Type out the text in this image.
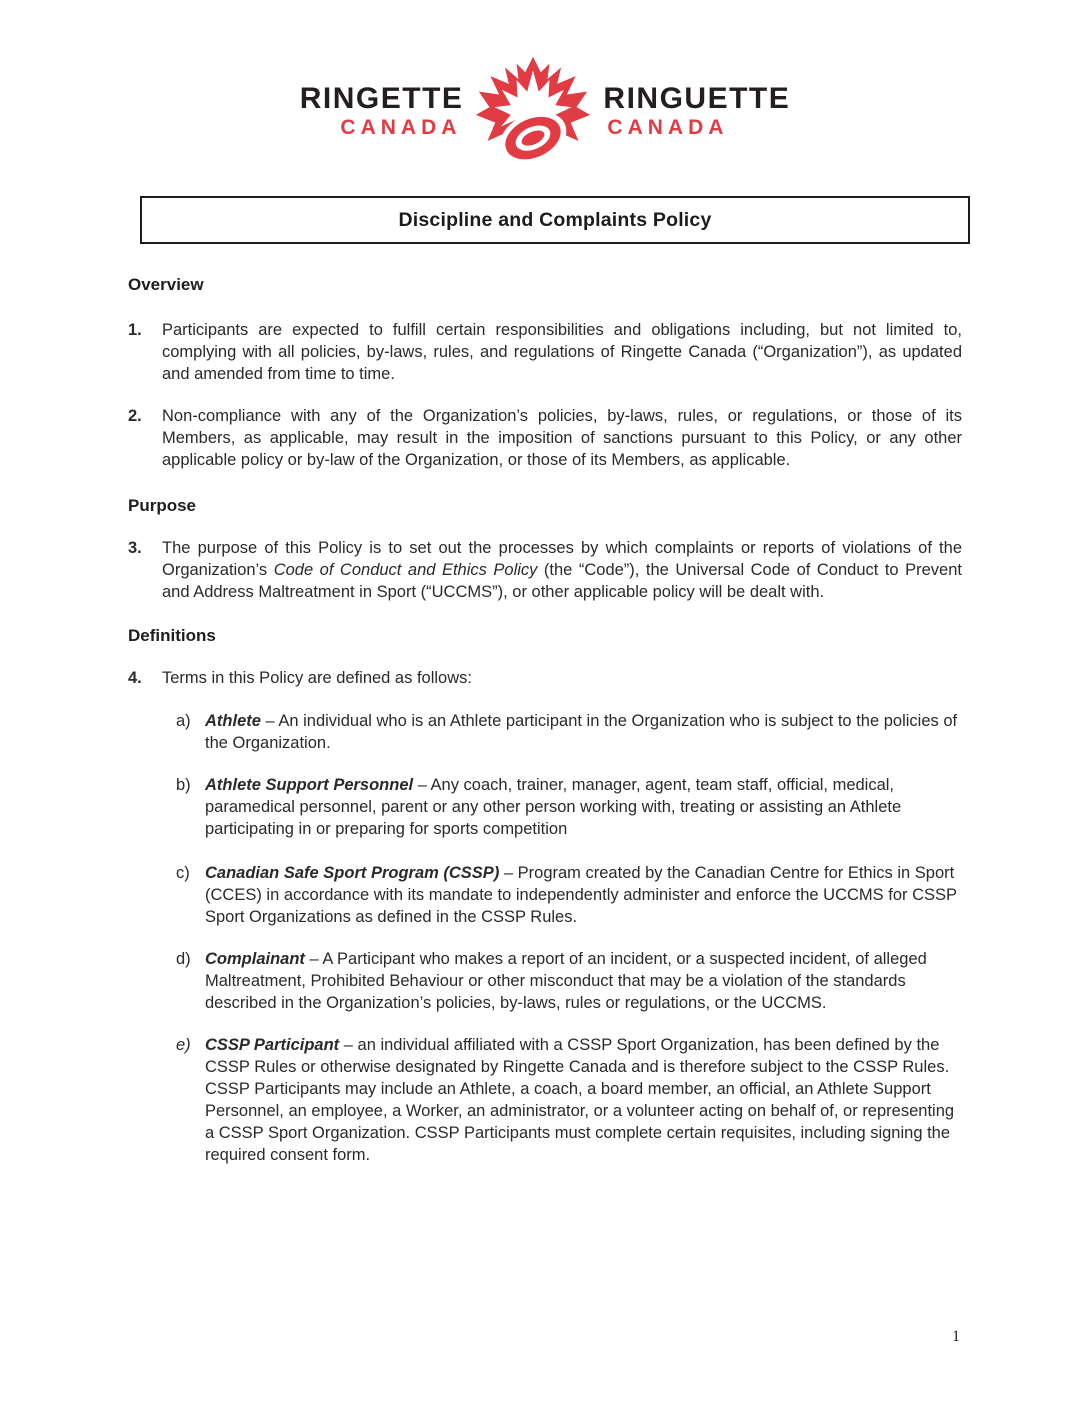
RINGETTE
CANADA
RINGUETTE
CANADA
Discipline and Complaints Policy

Overview

1.	Participants are expected to fulfill certain responsibilities and obligations including, but not limited to, complying with all policies, by-laws, rules, and regulations of Ringette Canada (“Organization”), as updated and amended from time to time.

2.	Non-compliance with any of the Organization’s policies, by-laws, rules, or regulations, or those of its Members, as applicable, may result in the imposition of sanctions pursuant to this Policy, or any other applicable policy or by-law of the Organization, or those of its Members, as applicable.

Purpose

3.	The purpose of this Policy is to set out the processes by which complaints or reports of violations of the Organization’s Code of Conduct and Ethics Policy (the “Code”), the Universal Code of Conduct to Prevent and Address Maltreatment in Sport (“UCCMS”), or other applicable policy will be dealt with.

Definitions

4.	Terms in this Policy are defined as follows:

a) Athlete – An individual who is an Athlete participant in the Organization who is subject to the policies of the Organization.

b) Athlete Support Personnel – Any coach, trainer, manager, agent, team staff, official, medical, paramedical personnel, parent or any other person working with, treating or assisting an Athlete participating in or preparing for sports competition

c) Canadian Safe Sport Program (CSSP) – Program created by the Canadian Centre for Ethics in Sport (CCES) in accordance with its mandate to independently administer and enforce the UCCMS for CSSP Sport Organizations as defined in the CSSP Rules.

d) Complainant – A Participant who makes a report of an incident, or a suspected incident, of alleged Maltreatment, Prohibited Behaviour or other misconduct that may be a violation of the standards described in the Organization’s policies, by-laws, rules or regulations, or the UCCMS.

e) CSSP Participant – an individual affiliated with a CSSP Sport Organization, has been defined by the CSSP Rules or otherwise designated by Ringette Canada and is therefore subject to the CSSP Rules. CSSP Participants may include an Athlete, a coach, a board member, an official, an Athlete Support Personnel, an employee, a Worker, an administrator, or a volunteer acting on behalf of, or representing a CSSP Sport Organization. CSSP Participants must complete certain requisites, including signing the required consent form.

1
